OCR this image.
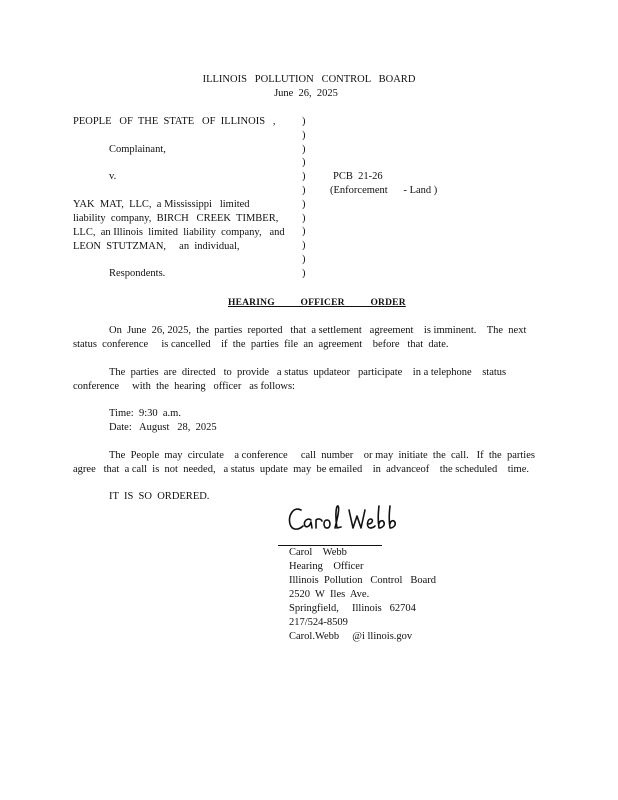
ILLINOIS   POLLUTION   CONTROL   BOARD
June  26,  2025
PEOPLE   OF  THE  STATE   OF  ILLINOIS   ,
Complainant,
v.
YAK  MAT,  LLC,  a Mississippi   limited
liability  company,  BIRCH   CREEK  TIMBER,
LLC,  an Illinois  limited  liability  company,   and
LEON  STUTZMAN,     an  individual,
Respondents.
)
)
)
)
)
)
)
)
)
)
)
)
PCB  21-26
(Enforcement      - Land )
HEARING          OFFICER          ORDER
On  June  26, 2025,  the  parties  reported   that  a settlement   agreement    is imminent.    The  next
status  conference     is cancelled    if  the  parties  file  an  agreement    before   that  date.
The  parties  are  directed   to  provide   a status  updateor   participate    in a telephone    status
conference     with  the  hearing   officer   as follows:
Time:  9:30  a.m.
Date:   August   28,  2025
The  People  may  circulate    a conference     call  number    or may  initiate  the  call.   If  the  parties
agree   that  a call  is  not  needed,   a status  update  may  be emailed    in  advanceof    the scheduled    time.
IT  IS  SO  ORDERED.
Carol    Webb
Hearing    Officer
Illinois  Pollution   Control   Board
2520  W  Iles  Ave.
Springfield,     Illinois   62704
217/524-8509
Carol.Webb     @i llinois.gov
